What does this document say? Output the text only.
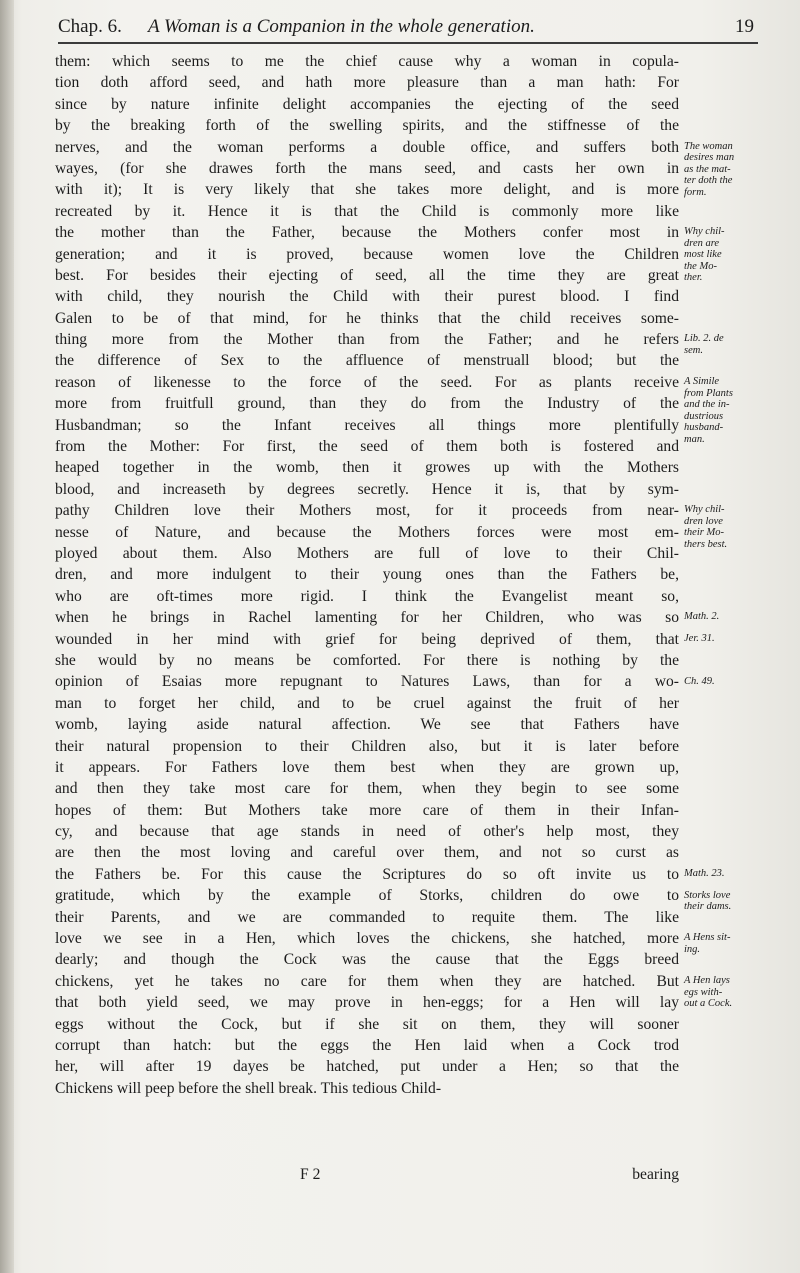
Chap. 6. A Woman is a Companion in the whole generation.	19
them: which seems to me the chief cause why a woman in copula-
tion doth afford seed, and hath more pleasure than a man hath: For
since by nature infinite delight accompanies the ejecting of the seed
by the breaking forth of the swelling spirits, and the stiffnesse of the
nerves, and the woman performs a double office, and suffers both
wayes, (for she drawes forth the mans seed, and casts her own in
with it); It is very likely that she takes more delight, and is more
recreated by it. Hence it is that the Child is commonly more like
the mother than the Father, because the Mothers confer most in
generation; and it is proved, because women love the Children
best. For besides their ejecting of seed, all the time they are great
with child, they nourish the Child with their purest blood. I find
Galen to be of that mind, for he thinks that the child receives some-
thing more from the Mother than from the Father; and he refers
the difference of Sex to the affluence of menstruall blood; but the
reason of likenesse to the force of the seed. For as plants receive
more from fruitfull ground, than they do from the Industry of the
Husbandman; so the Infant receives all things more plentifully
from the Mother: For first, the seed of them both is fostered and
heaped together in the womb, then it growes up with the Mothers
blood, and increaseth by degrees secretly. Hence it is, that by sym-
pathy Children love their Mothers most, for it proceeds from near-
nesse of Nature, and because the Mothers forces were most em-
ployed about them. Also Mothers are full of love to their Chil-
dren, and more indulgent to their young ones than the Fathers be,
who are oft-times more rigid. I think the Evangelist meant so,
when he brings in Rachel lamenting for her Children, who was so
wounded in her mind with grief for being deprived of them, that
she would by no means be comforted. For there is nothing by the
opinion of Esaias more repugnant to Natures Laws, than for a wo-
man to forget her child, and to be cruel against the fruit of her
womb, laying aside natural affection. We see that Fathers have
their natural propension to their Children also, but it is later before
it appears. For Fathers love them best when they are grown up,
and then they take most care for them, when they begin to see some
hopes of them: But Mothers take more care of them in their Infan-
cy, and because that age stands in need of other's help most, they
are then the most loving and careful over them, and not so curst as
the Fathers be. For this cause the Scriptures do so oft invite us to
gratitude, which by the example of Storks, children do owe to
their Parents, and we are commanded to requite them. The like
love we see in a Hen, which loves the chickens, she hatched, more
dearly; and though the Cock was the cause that the Eggs breed
chickens, yet he takes no care for them when they are hatched. But
that both yield seed, we may prove in hen-eggs; for a Hen will lay
eggs without the Cock, but if she sit on them, they will sooner
corrupt than hatch: but the eggs the Hen laid when a Cock trod
her, will after 19 dayes be hatched, put under a Hen; so that the
Chickens will peep before the shell break. This tedious Child-
The woman
desires man
as the mat-
ter doth the
form.
Why chil-
dren are
most like
the Mo-
ther.
Lib. 2. de
sem.
A Simile
from Plants
and the in-
dustrious
husband-
man.
Why chil-
dren love
their Mo-
thers best.
Math. 2.
Jer. 31.
Ch. 49.
Math. 23.
Storks love
their dams.
A Hens sit-
ing.
A Hen lays
egs with-
out a Cock.
F 2	bearing
